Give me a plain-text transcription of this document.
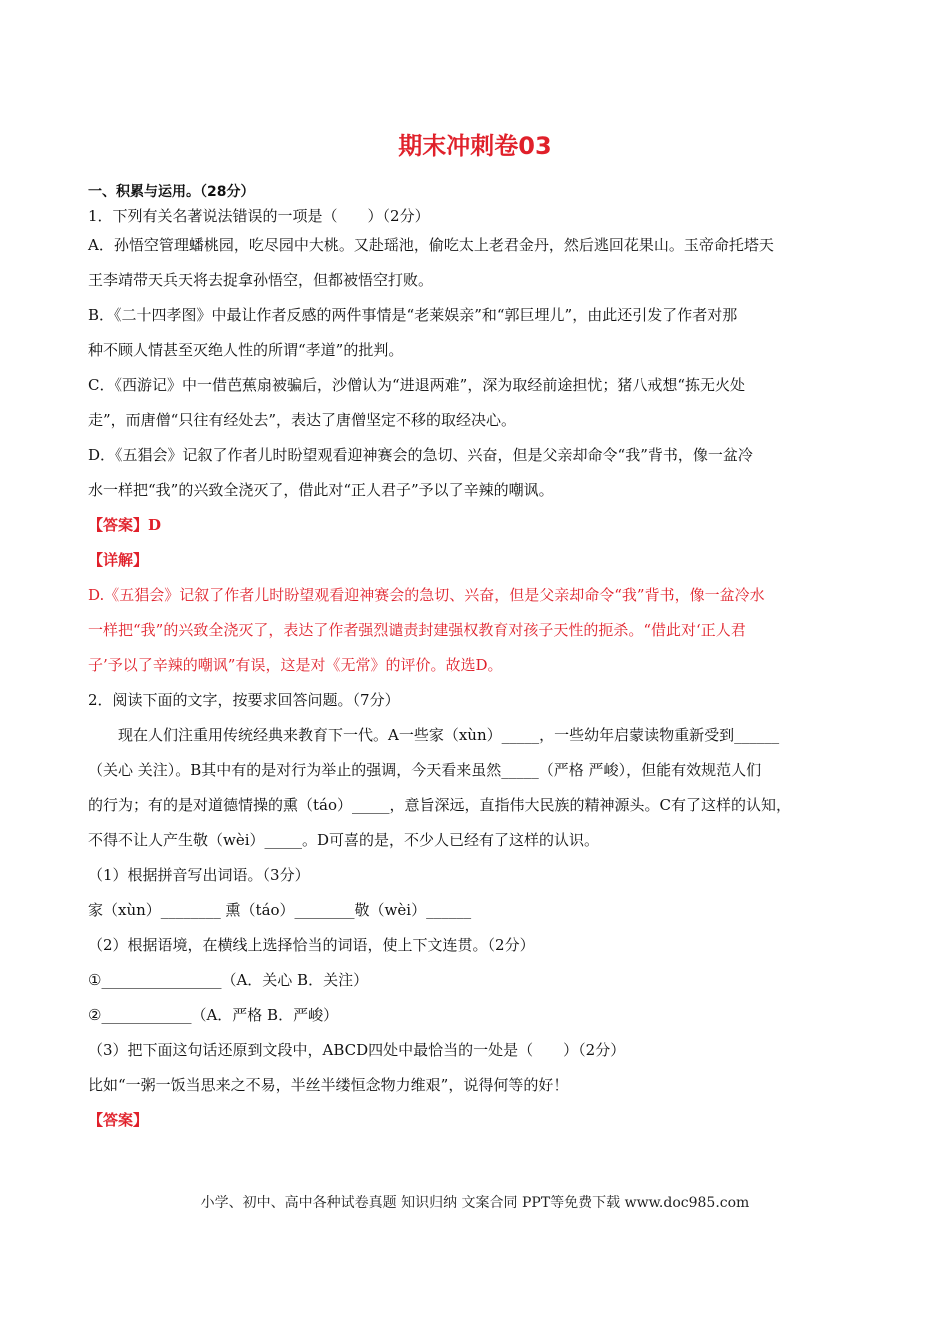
期末冲刺卷03
一、积累与运用。（28分）
1．下列有关名著说法错误的一项是（　　）（2分）
A．孙悟空管理蟠桃园，吃尽园中大桃。又赴瑶池，偷吃太上老君金丹，然后逃回花果山。玉帝命托塔天
王李靖带天兵天将去捉拿孙悟空，但都被悟空打败。
B．《二十四孝图》中最让作者反感的两件事情是“老莱娱亲”和“郭巨埋儿”，由此还引发了作者对那
种不顾人情甚至灭绝人性的所谓“孝道”的批判。
C．《西游记》中一借芭蕉扇被骗后，沙僧认为“进退两难”，深为取经前途担忧；猪八戒想“拣无火处
走”，而唐僧“只往有经处去”，表达了唐僧坚定不移的取经决心。
D．《五猖会》记叙了作者儿时盼望观看迎神赛会的急切、兴奋，但是父亲却命令“我”背书，像一盆冷
水一样把“我”的兴致全浇灭了，借此对“正人君子”予以了辛辣的嘲讽。
【答案】D
【详解】
D.《五猖会》记叙了作者儿时盼望观看迎神赛会的急切、兴奋，但是父亲却命令“我”背书，像一盆冷水
一样把“我”的兴致全浇灭了，表达了作者强烈谴责封建强权教育对孩子天性的扼杀。“借此对‘正人君
子’予以了辛辣的嘲讽”有误，这是对《无常》的评价。故选D。
2．阅读下面的文字，按要求回答问题。（7分）
现在人们注重用传统经典来教育下一代。A一些家（xùn）_____，一些幼年启蒙读物重新受到______
（关心 关注）。B其中有的是对行为举止的强调，今天看来虽然_____（严格 严峻），但能有效规范人们
的行为；有的是对道德情操的熏（táo）_____，意旨深远，直指伟大民族的精神源头。C有了这样的认知，
不得不让人产生敬（wèi）_____。D可喜的是，不少人已经有了这样的认识。
（1）根据拼音写出词语。（3分）
家（xùn）________ 熏（táo）________敬（wèi）______
（2）根据语境，在横线上选择恰当的词语，使上下文连贯。（2分）
①________________（A．关心 B．关注）
②____________（A．严格 B．严峻）
（3）把下面这句话还原到文段中，ABCD四处中最恰当的一处是（　　）（2分）
比如“一粥一饭当思来之不易，半丝半缕恒念物力维艰”，说得何等的好！
【答案】
小学、初中、高中各种试卷真题 知识归纳 文案合同 PPT等免费下载 www.doc985.com
